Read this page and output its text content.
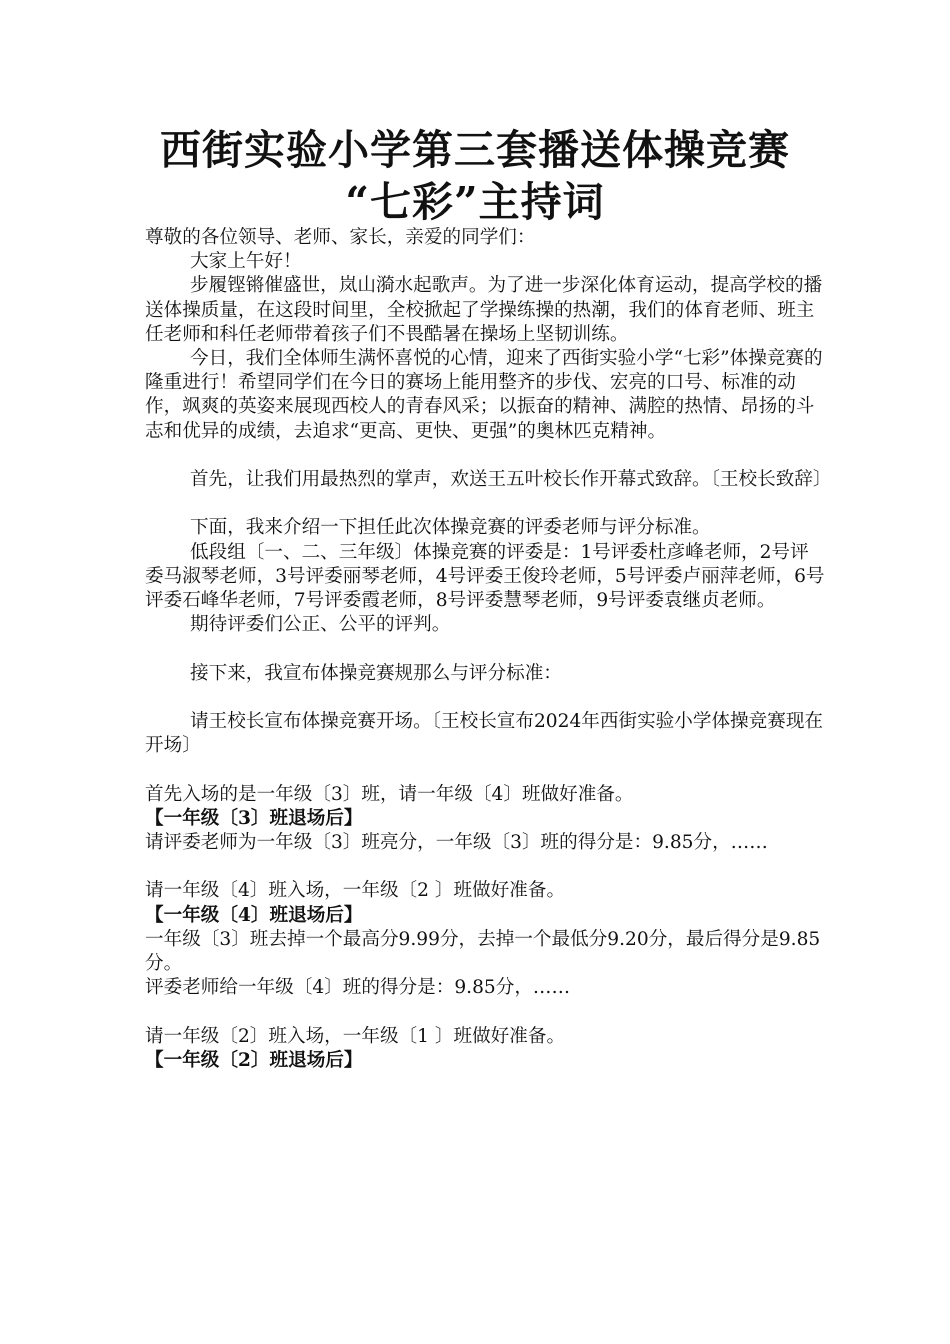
西街实验小学第三套播送体操竞赛
“七彩”主持词

尊敬的各位领导、老师、家长，亲爱的同学们：

大家上午好！

步履铿锵催盛世，岚山漪水起歌声。为了进一步深化体育运动，提高学校的播送体操质量，在这段时间里，全校掀起了学操练操的热潮，我们的体育老师、班主任老师和科任老师带着孩子们不畏酷暑在操场上坚韧训练。

今日，我们全体师生满怀喜悦的心情，迎来了西街实验小学“七彩”体操竞赛的隆重进行！希望同学们在今日的赛场上能用整齐的步伐、宏亮的口号、标准的动作，飒爽的英姿来展现西校人的青春风采；以振奋的精神、满腔的热情、昂扬的斗志和优异的成绩，去追求“更高、更快、更强”的奥林匹克精神。

首先，让我们用最热烈的掌声，欢送王五叶校长作开幕式致辞。〔王校长致辞〕

下面，我来介绍一下担任此次体操竞赛的评委老师与评分标准。

低段组〔一、二、三年级〕体操竞赛的评委是：1号评委杜彦峰老师，2号评委马淑琴老师，3号评委丽琴老师，4号评委王俊玲老师，5号评委卢丽萍老师，6号评委石峰华老师，7号评委霞老师，8号评委慧琴老师，9号评委袁继贞老师。

期待评委们公正、公平的评判。

接下来，我宣布体操竞赛规那么与评分标准：

请王校长宣布体操竞赛开场。〔王校长宣布2024年西街实验小学体操竞赛现在开场〕

首先入场的是一年级〔3〕班，请一年级〔4〕班做好准备。

【一年级〔3〕班退场后】

请评委老师为一年级〔3〕班亮分，一年级〔3〕班的得分是：9.85分，……

请一年级〔4〕班入场，一年级〔2 〕班做好准备。

【一年级〔4〕班退场后】

一年级〔3〕班去掉一个最高分9.99分，去掉一个最低分9.20分，最后得分是9.85分。

评委老师给一年级〔4〕班的得分是：9.85分，……

请一年级〔2〕班入场，一年级〔1 〕班做好准备。

【一年级〔2〕班退场后】
